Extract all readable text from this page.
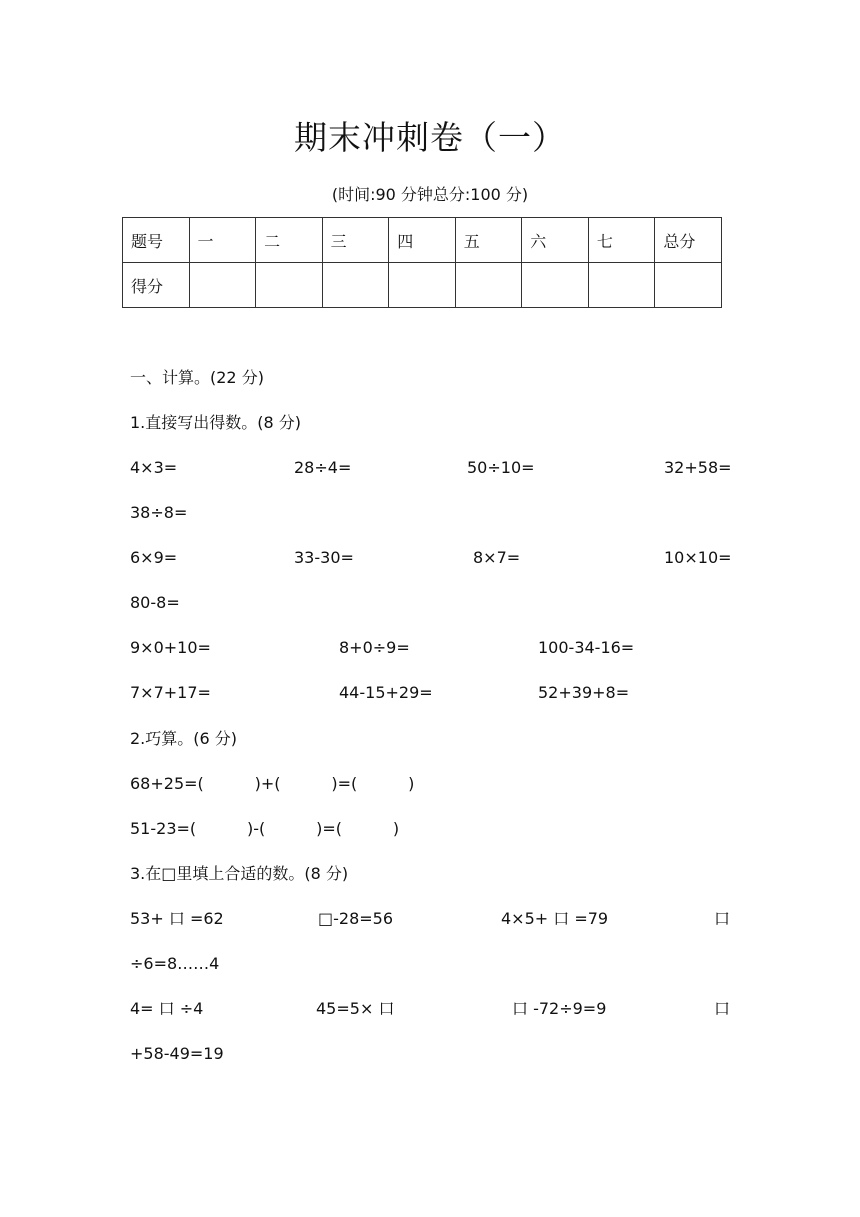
期末冲刺卷（一）
(时间:90 分钟总分:100 分)
题号	一	二	三	四	五	六	七	总分
得分								
一、计算。(22 分)
1.直接写出得数。(8 分)
4×3=	28÷4=	50÷10=	32+58=
38÷8=
6×9=	33-30=	8×7=	10×10=
80-8=
9×0+10=	8+0÷9=	100-34-16=
7×7+17=	44-15+29=	52+39+8=
2.巧算。(6 分)
68+25=(          )+(          )=(          )
51-23=(          )-(          )=(          )
3.在□里填上合适的数。(8 分)
53+ 口 =62	□-28=56	4×5+ 口 =79	口
÷6=8……4
4= 口 ÷4	45=5× 口	口 -72÷9=9	口
+58-49=19
